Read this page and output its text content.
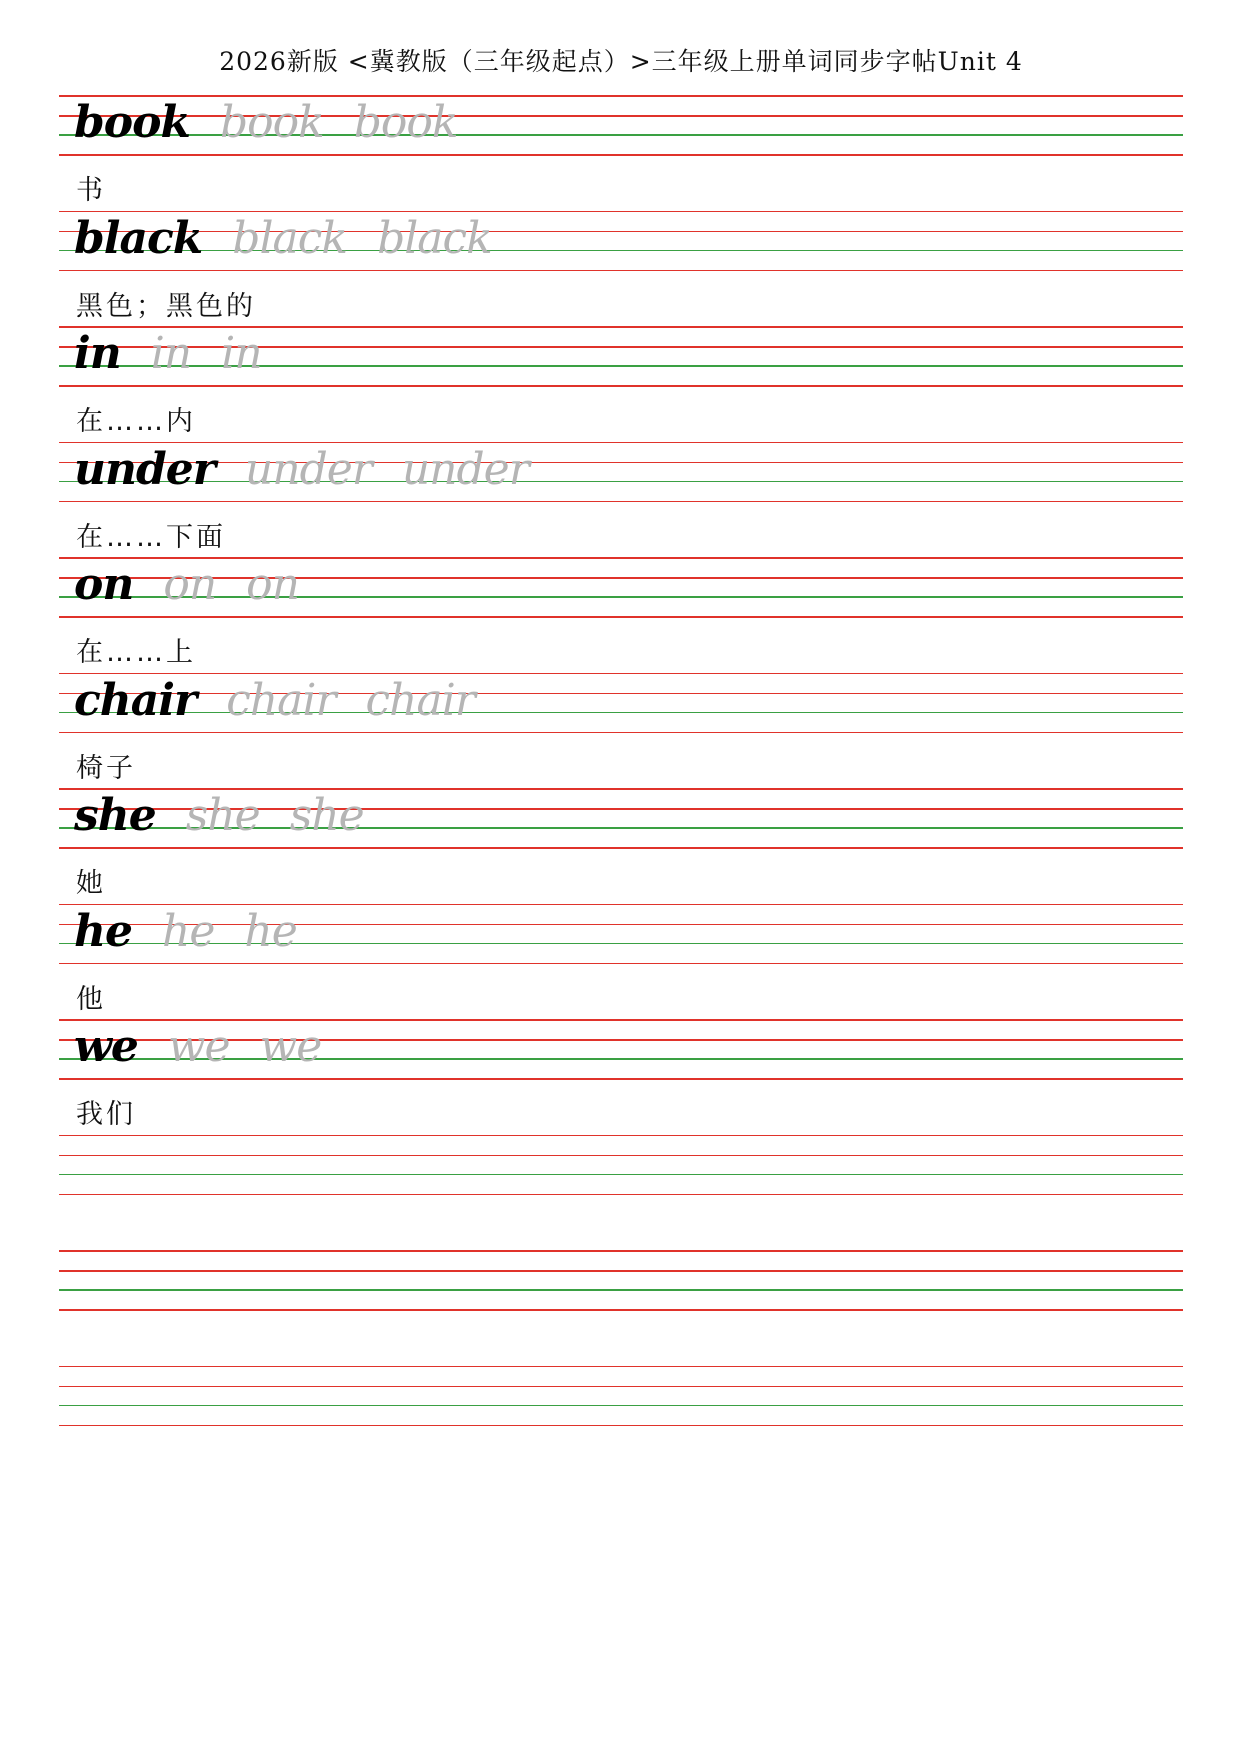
2026新版 <冀教版（三年级起点）>三年级上册单词同步字帖Unit 4
book book book
书
black black black
黑色；黑色的
in in in
在……内
under under under
在……下面
on on on
在……上
chair chair chair
椅子
she she she
她
he he he
他
we we we
我们
